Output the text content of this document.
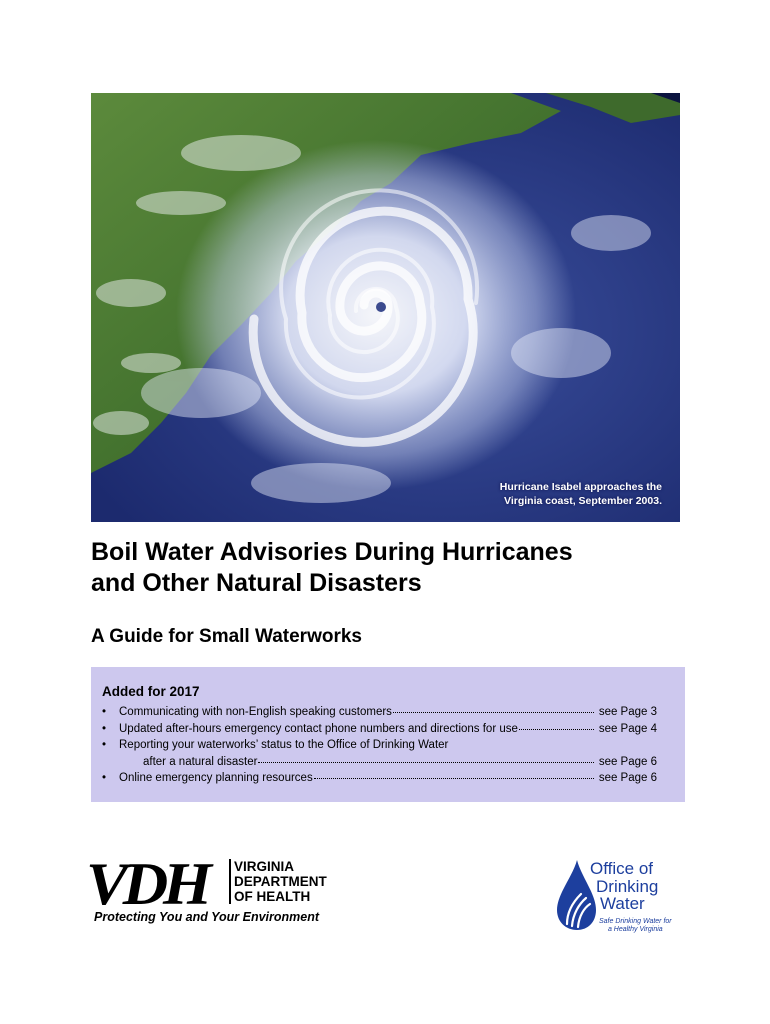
Hurricane Isabel approaches the
Virginia coast, September 2003.
Boil Water Advisories During Hurricanes
and Other Natural Disasters
A Guide for Small Waterworks
Added for 2017
• Communicating with non-English speaking customers	see Page 3
• Updated after-hours emergency contact phone numbers and directions for use	see Page 4
• Reporting your waterworks’ status to the Office of Drinking Water
after a natural disaster	see Page 6
• Online emergency planning resources	see Page 6
VDH VIRGINIA
DEPARTMENT
OF HEALTH
Protecting You and Your Environment
Office of
Drinking
Water
Safe Drinking Water for
a Healthy Virginia
